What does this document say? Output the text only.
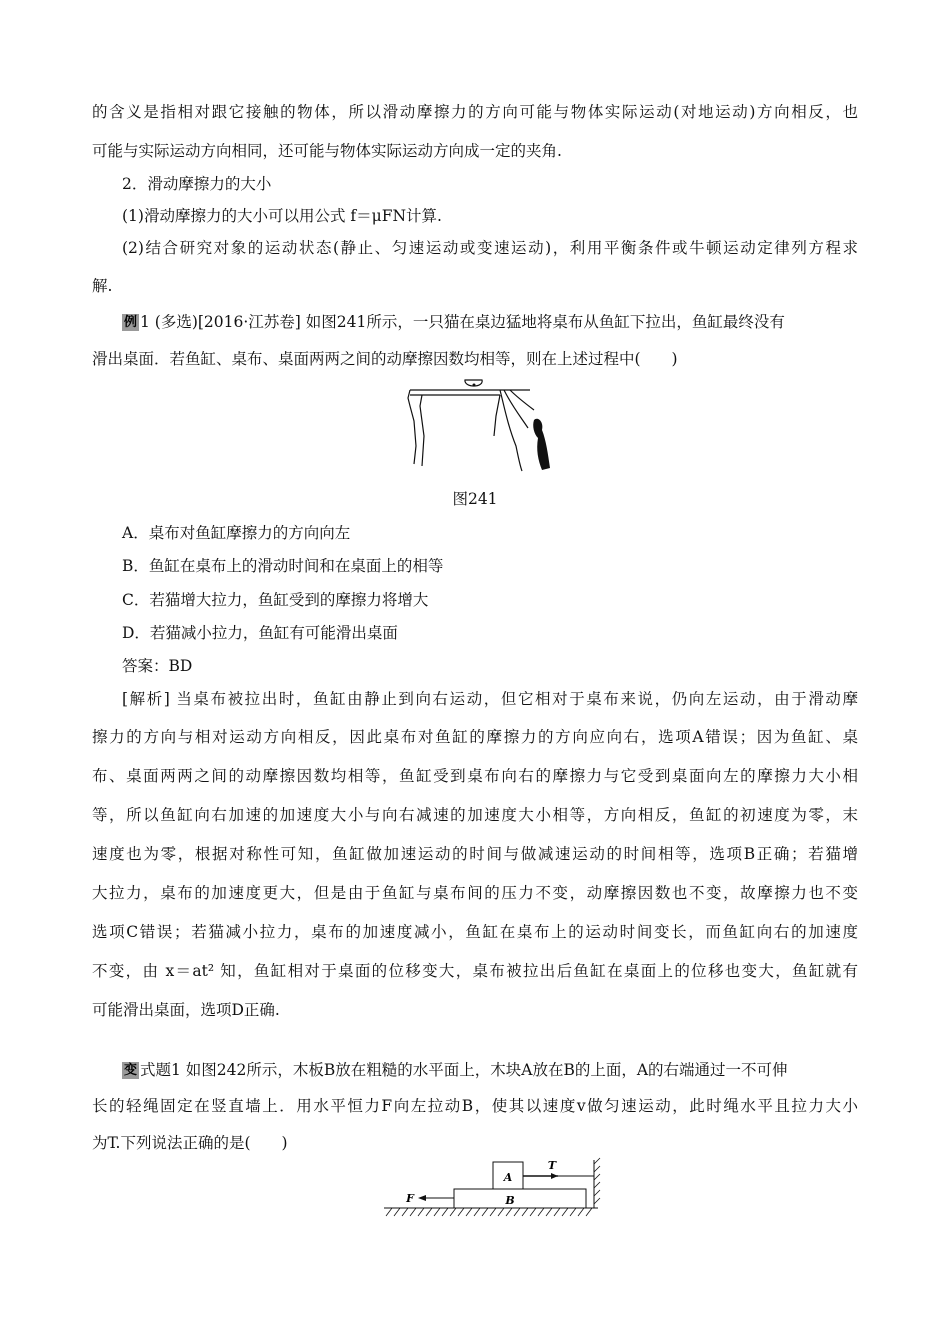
的含义是指相对跟它接触的物体，所以滑动摩擦力的方向可能与物体实际运动(对地运动)方向相反，也
可能与实际运动方向相同，还可能与物体实际运动方向成一定的夹角.
2．滑动摩擦力的大小
(1)滑动摩擦力的大小可以用公式 f＝μFN计算.
(2)结合研究对象的运动状态(静止、匀速运动或变速运动)，利用平衡条件或牛顿运动定律列方程求
解.
例 1 (多选)[2016·江苏卷] 如图241所示，一只猫在桌边猛地将桌布从鱼缸下拉出，鱼缸最终没有
滑出桌面．若鱼缸、桌布、桌面两两之间的动摩擦因数均相等，则在上述过程中(　　)
图241
A．桌布对鱼缸摩擦力的方向向左
B．鱼缸在桌布上的滑动时间和在桌面上的相等
C．若猫增大拉力，鱼缸受到的摩擦力将增大
D．若猫减小拉力，鱼缸有可能滑出桌面
答案：BD
[解析] 当桌布被拉出时，鱼缸由静止到向右运动，但它相对于桌布来说，仍向左运动，由于滑动摩
擦力的方向与相对运动方向相反，因此桌布对鱼缸的摩擦力的方向应向右，选项A错误；因为鱼缸、桌
布、桌面两两之间的动摩擦因数均相等，鱼缸受到桌布向右的摩擦力与它受到桌面向左的摩擦力大小相
等，所以鱼缸向右加速的加速度大小与向右减速的加速度大小相等，方向相反，鱼缸的初速度为零，末
速度也为零，根据对称性可知，鱼缸做加速运动的时间与做减速运动的时间相等，选项B正确；若猫增
大拉力，桌布的加速度更大，但是由于鱼缸与桌布间的压力不变，动摩擦因数也不变，故摩擦力也不变
选项C错误；若猫减小拉力，桌布的加速度减小，鱼缸在桌布上的运动时间变长，而鱼缸向右的加速度
不变，由 x＝at² 知，鱼缸相对于桌面的位移变大，桌布被拉出后鱼缸在桌面上的位移也变大，鱼缸就有
可能滑出桌面，选项D正确.
变 式题1 如图242所示，木板B放在粗糙的水平面上，木块A放在B的上面，A的右端通过一不可伸
长的轻绳固定在竖直墙上．用水平恒力F向左拉动B，使其以速度v做匀速运动，此时绳水平且拉力大小
为T.下列说法正确的是(　　)
A
B
T
F
